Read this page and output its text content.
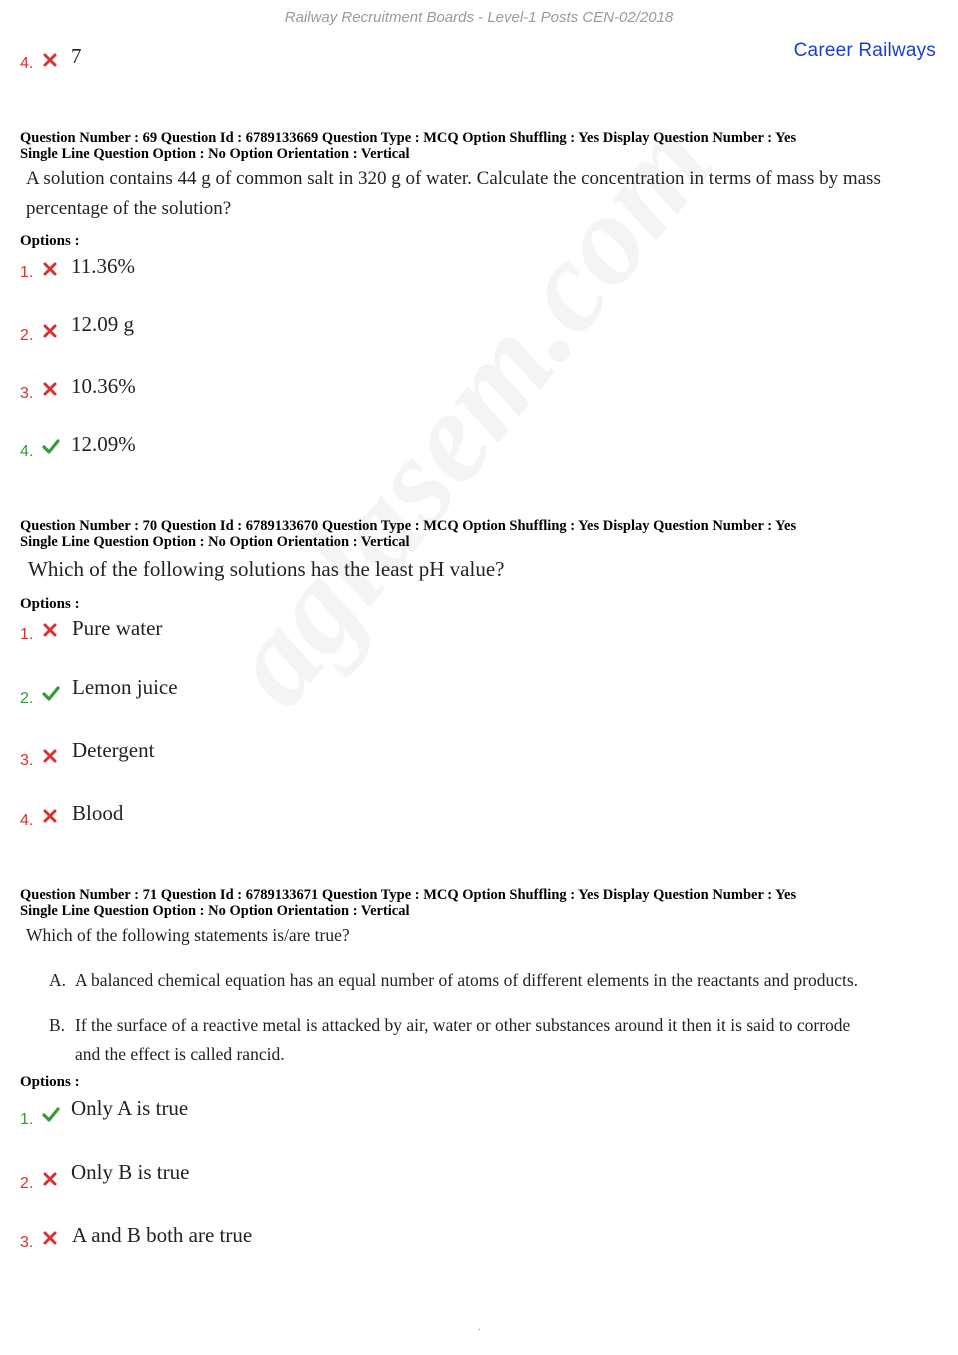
Railway Recruitment Boards - Level-1 Posts CEN-02/2018
Career Railways
4. 7
Question Number : 69 Question Id : 6789133669 Question Type : MCQ Option Shuffling : Yes Display Question Number : Yes
Single Line Question Option : No Option Orientation : Vertical
A solution contains 44 g of common salt in 320 g of water. Calculate the concentration in terms of mass by mass
percentage of the solution?
Options :
1. 11.36%
2. 12.09 g
3. 10.36%
4. 12.09%
Question Number : 70 Question Id : 6789133670 Question Type : MCQ Option Shuffling : Yes Display Question Number : Yes
Single Line Question Option : No Option Orientation : Vertical
Which of the following solutions has the least pH value?
Options :
1. Pure water
2. Lemon juice
3. Detergent
4. Blood
Question Number : 71 Question Id : 6789133671 Question Type : MCQ Option Shuffling : Yes Display Question Number : Yes
Single Line Question Option : No Option Orientation : Vertical
Which of the following statements is/are true?
A. A balanced chemical equation has an equal number of atoms of different elements in the reactants and products.
B. If the surface of a reactive metal is attacked by air, water or other substances around it then it is said to corrode
and the effect is called rancid.
Options :
1. Only A is true
2. Only B is true
3. A and B both are true
.
